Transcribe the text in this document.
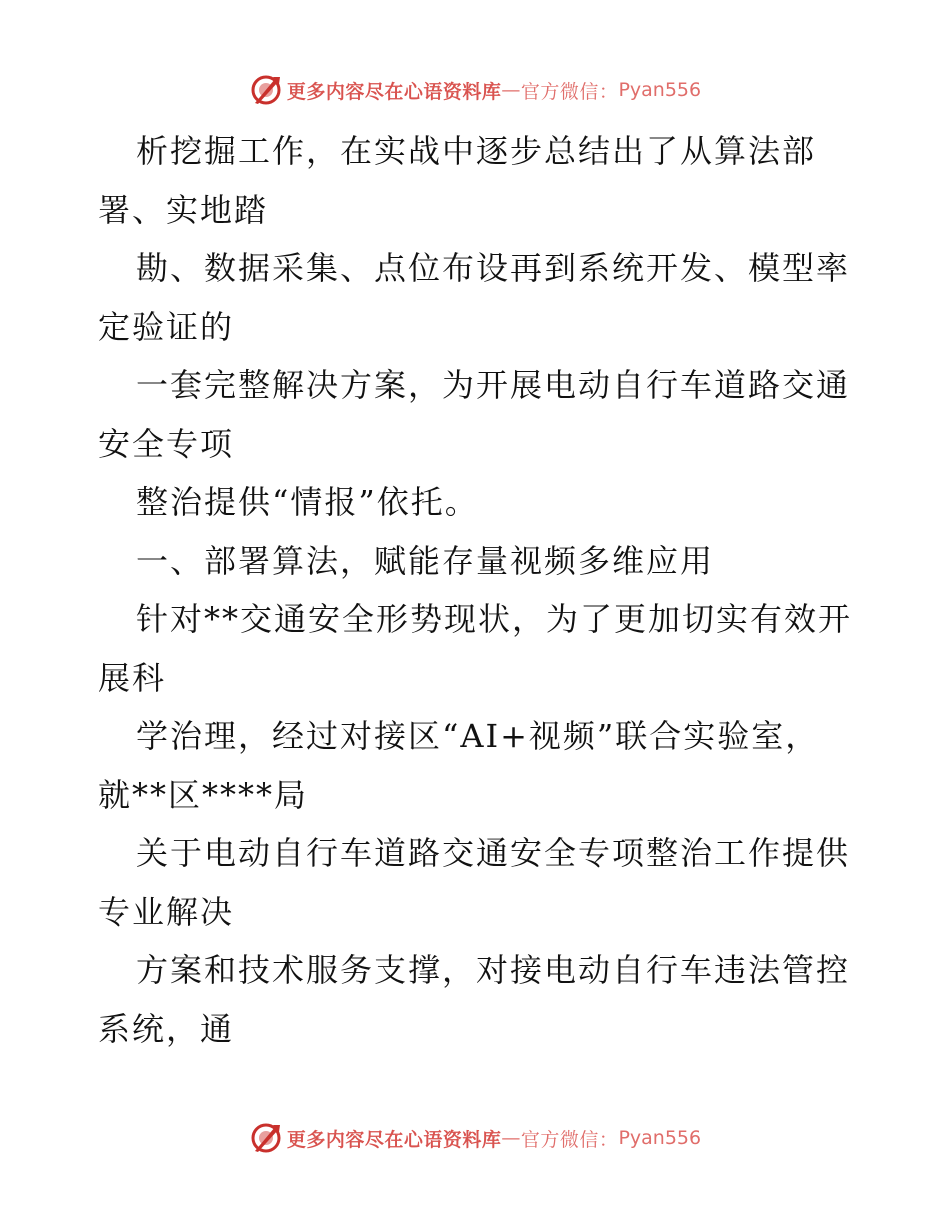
更多内容尽在心语资料库 — 官方微信： Pyan556
析挖掘工作，在实战中逐步总结出了从算法部
署、实地踏
勘、数据采集、点位布设再到系统开发、模型率
定验证的
一套完整解决方案，为开展电动自行车道路交通
安全专项
整治提供“情报”依托。
一、部署算法，赋能存量视频多维应用
针对**交通安全形势现状，为了更加切实有效开
展科
学治理，经过对接区“AI+视频”联合实验室，
就**区****局
关于电动自行车道路交通安全专项整治工作提供
专业解决
方案和技术服务支撑，对接电动自行车违法管控
系统，通
更多内容尽在心语资料库 — 官方微信： Pyan556
